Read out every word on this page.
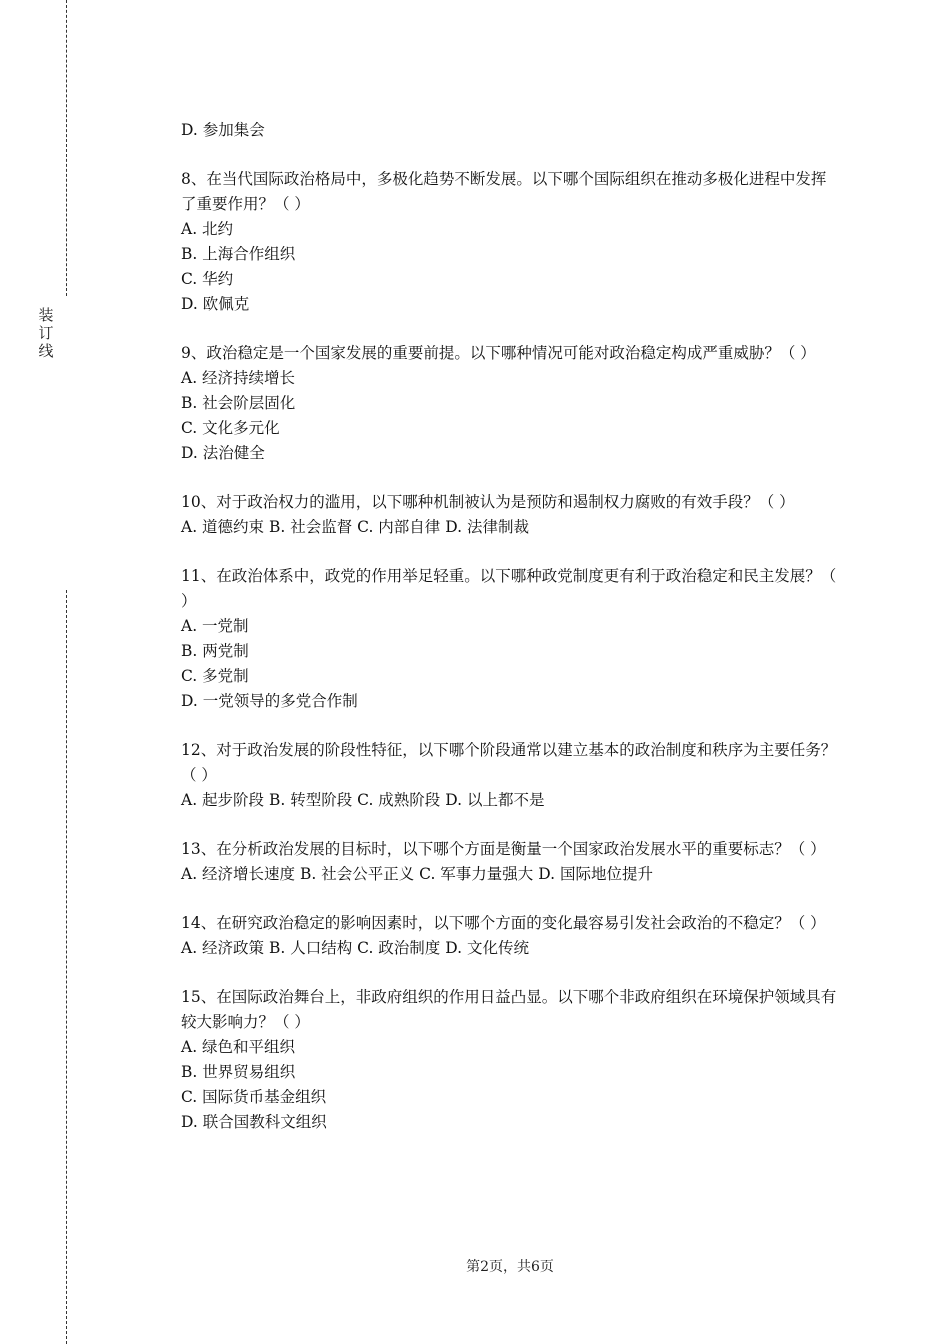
装
订
线
D. 参加集会
8、在当代国际政治格局中，多极化趋势不断发展。以下哪个国际组织在推动多极化进程中发挥了重要作用？（ ）
A. 北约
B. 上海合作组织
C. 华约
D. 欧佩克
9、政治稳定是一个国家发展的重要前提。以下哪种情况可能对政治稳定构成严重威胁？（ ）
A. 经济持续增长
B. 社会阶层固化
C. 文化多元化
D. 法治健全
10、对于政治权力的滥用，以下哪种机制被认为是预防和遏制权力腐败的有效手段？（ ）
A. 道德约束 B. 社会监督 C. 内部自律 D. 法律制裁
11、在政治体系中，政党的作用举足轻重。以下哪种政党制度更有利于政治稳定和民主发展？（ ）
A. 一党制
B. 两党制
C. 多党制
D. 一党领导的多党合作制
12、对于政治发展的阶段性特征，以下哪个阶段通常以建立基本的政治制度和秩序为主要任务？（ ）
A. 起步阶段 B. 转型阶段 C. 成熟阶段 D. 以上都不是
13、在分析政治发展的目标时，以下哪个方面是衡量一个国家政治发展水平的重要标志？（ ）
A. 经济增长速度 B. 社会公平正义 C. 军事力量强大 D. 国际地位提升
14、在研究政治稳定的影响因素时，以下哪个方面的变化最容易引发社会政治的不稳定？（ ）
A. 经济政策 B. 人口结构 C. 政治制度 D. 文化传统
15、在国际政治舞台上，非政府组织的作用日益凸显。以下哪个非政府组织在环境保护领域具有较大影响力？（ ）
A. 绿色和平组织
B. 世界贸易组织
C. 国际货币基金组织
D. 联合国教科文组织
第2页，共6页
